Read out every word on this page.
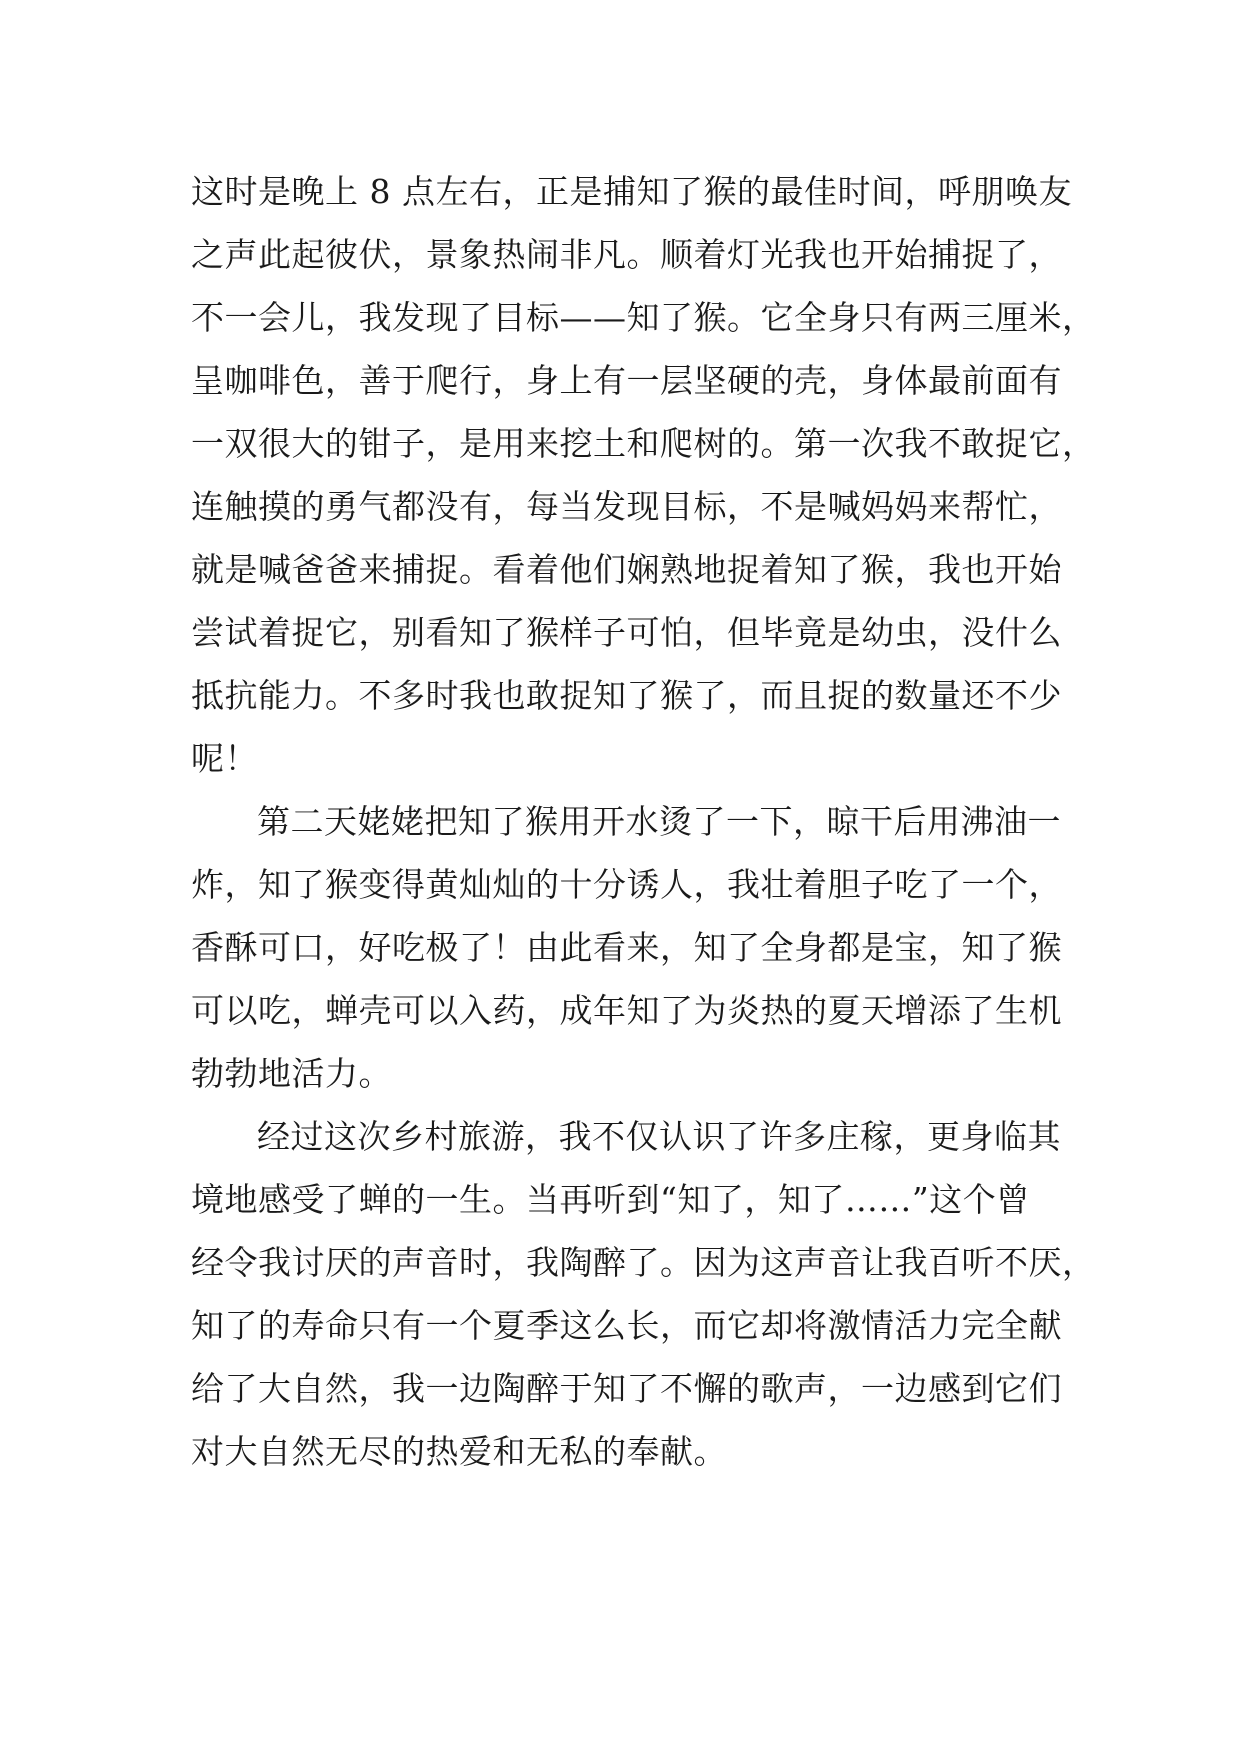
这时是晚上 8 点左右，正是捕知了猴的最佳时间，呼朋唤友
之声此起彼伏，景象热闹非凡。顺着灯光我也开始捕捉了，
不一会儿，我发现了目标——知了猴。它全身只有两三厘米，
呈咖啡色，善于爬行，身上有一层坚硬的壳，身体最前面有
一双很大的钳子，是用来挖土和爬树的。第一次我不敢捉它，
连触摸的勇气都没有，每当发现目标，不是喊妈妈来帮忙，
就是喊爸爸来捕捉。看着他们娴熟地捉着知了猴，我也开始
尝试着捉它，别看知了猴样子可怕，但毕竟是幼虫，没什么
抵抗能力。不多时我也敢捉知了猴了，而且捉的数量还不少
呢！
第二天姥姥把知了猴用开水烫了一下，晾干后用沸油一
炸，知了猴变得黄灿灿的十分诱人，我壮着胆子吃了一个，
香酥可口，好吃极了！由此看来，知了全身都是宝，知了猴
可以吃，蝉壳可以入药，成年知了为炎热的夏天增添了生机
勃勃地活力。
经过这次乡村旅游，我不仅认识了许多庄稼，更身临其
境地感受了蝉的一生。当再听到“知了，知了……”这个曾
经令我讨厌的声音时，我陶醉了。因为这声音让我百听不厌，
知了的寿命只有一个夏季这么长，而它却将激情活力完全献
给了大自然，我一边陶醉于知了不懈的歌声，一边感到它们
对大自然无尽的热爱和无私的奉献。
